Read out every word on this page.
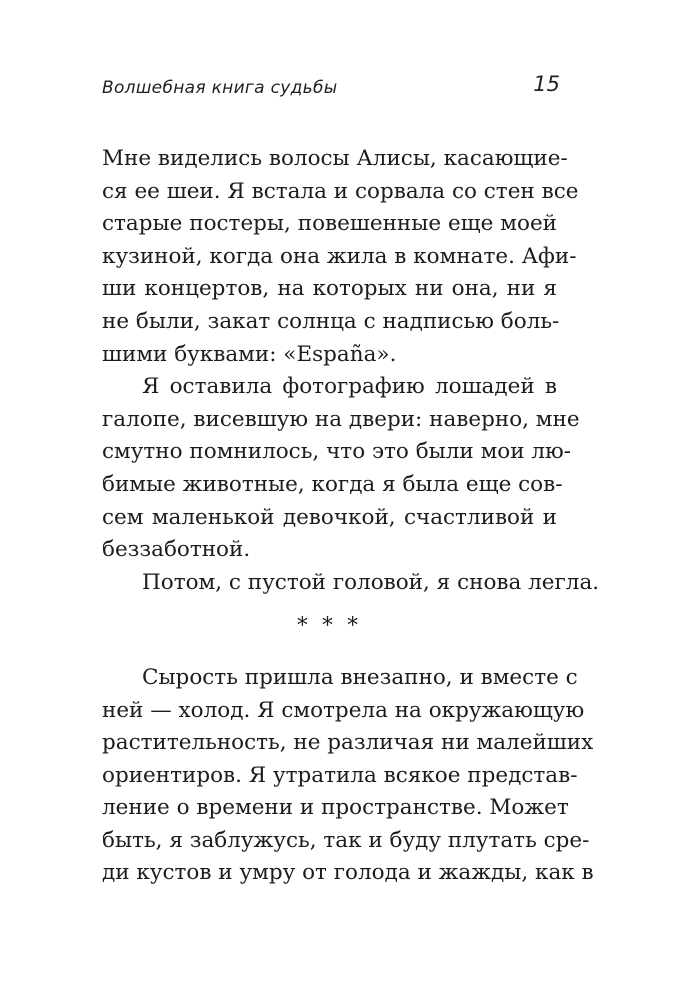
Волшебная книга судьбы	15
Мне виделись волосы Алисы, касающие-
ся ее шеи. Я встала и сорвала со стен все
старые постеры, повешенные еще моей
кузиной, когда она жила в комнате. Афи-
ши концертов, на которых ни она, ни я
не были, закат солнца с надписью боль-
шими буквами: «España».
Я оставила фотографию лошадей в
галопе, висевшую на двери: наверно, мне
смутно помнилось, что это были мои лю-
бимые животные, когда я была еще сов-
сем маленькой девочкой, счастливой и
беззаботной.
Потом, с пустой головой, я снова легла.
* * *
Сырость пришла внезапно, и вместе с
ней — холод. Я смотрела на окружающую
растительность, не различая ни малейших
ориентиров. Я утратила всякое представ-
ление о времени и пространстве. Может
быть, я заблужусь, так и буду плутать сре-
ди кустов и умру от голода и жажды, как в
